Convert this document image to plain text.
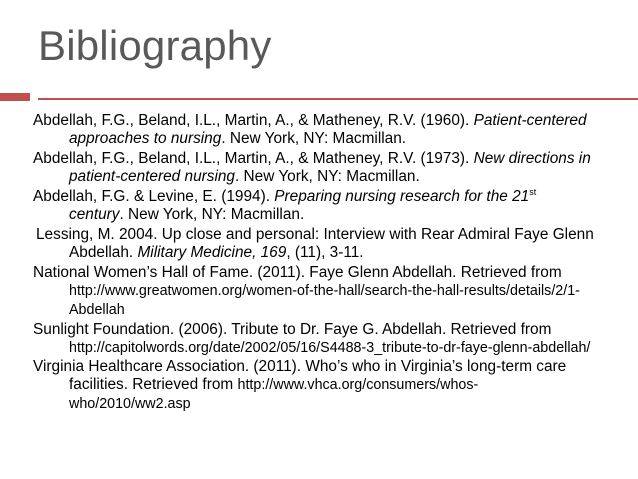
Bibliography
Abdellah, F.G., Beland, I.L., Martin, A., & Matheney, R.V. (1960). Patient-centered approaches to nursing. New York, NY: Macmillan.
Abdellah, F.G., Beland, I.L., Martin, A., & Matheney, R.V. (1973). New directions in patient-centered nursing. New York, NY: Macmillan.
Abdellah, F.G. & Levine, E. (1994). Preparing nursing research for the 21st century. New York, NY: Macmillan.
Lessing, M. 2004. Up close and personal: Interview with Rear Admiral Faye Glenn Abdellah. Military Medicine, 169, (11), 3-11.
National Women’s Hall of Fame. (2011). Faye Glenn Abdellah. Retrieved from http://www.greatwomen.org/women-of-the-hall/search-the-hall-results/details/2/1-Abdellah
Sunlight Foundation. (2006). Tribute to Dr. Faye G. Abdellah. Retrieved from http://capitolwords.org/date/2002/05/16/S4488-3_tribute-to-dr-faye-glenn-abdellah/
Virginia Healthcare Association. (2011). Who’s who in Virginia’s long-term care facilities. Retrieved from http://www.vhca.org/consumers/whos-who/2010/ww2.asp
